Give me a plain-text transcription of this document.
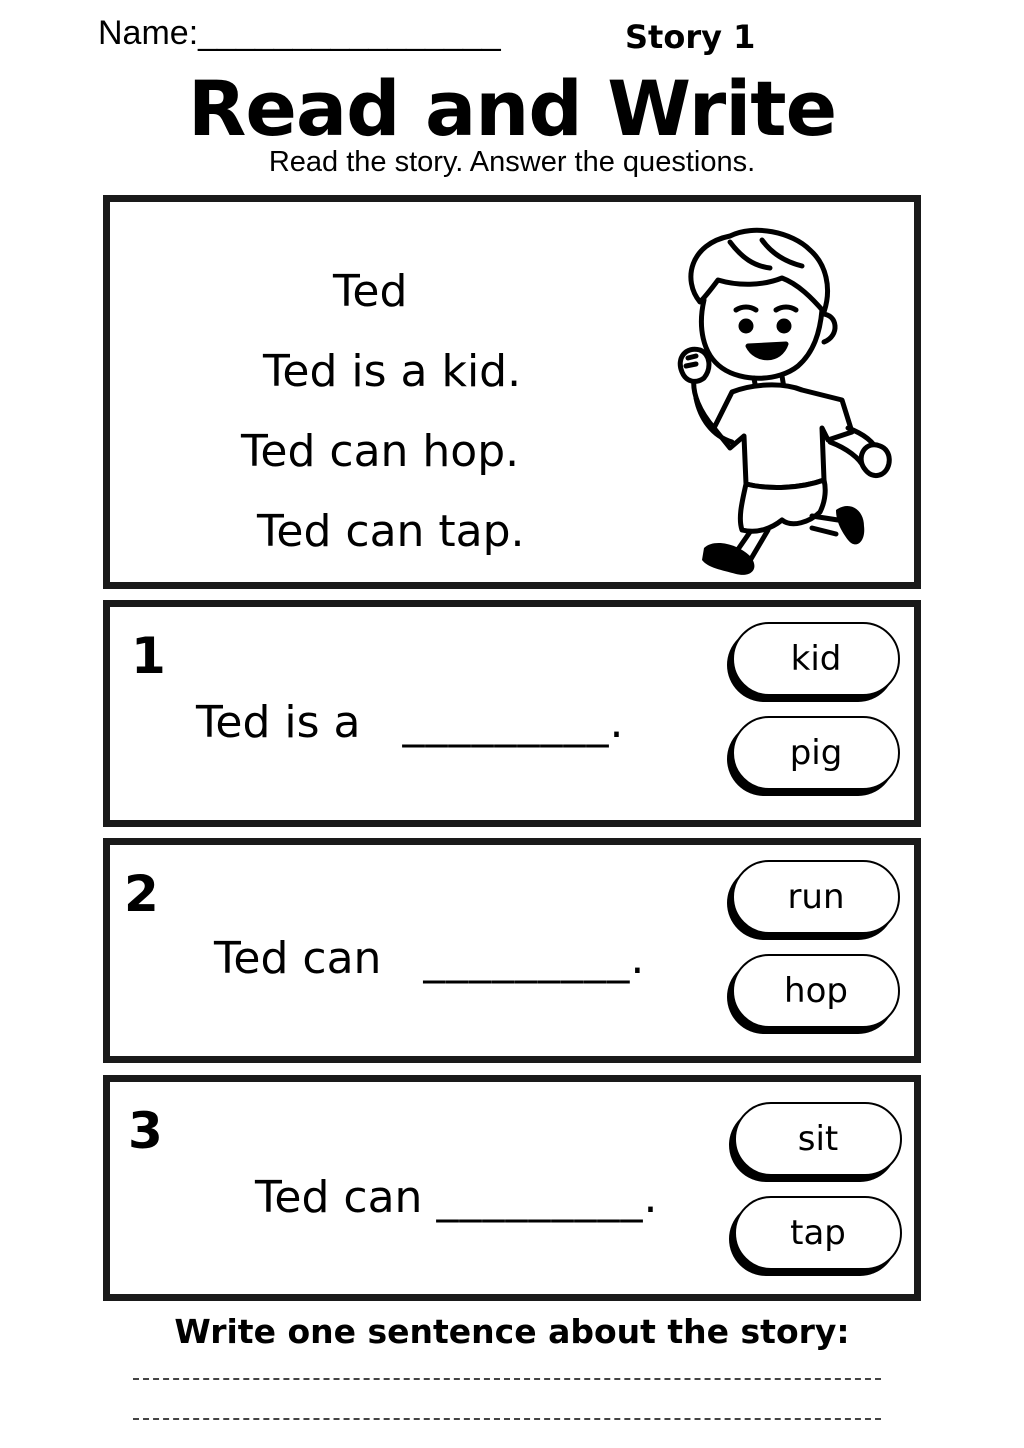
Name:________________	Story 1
Read and Write
Read the story. Answer the questions.
Ted
Ted is a kid.
Ted can hop.
Ted can tap.
1
Ted is a _________.
kid
pig
2
Ted can _________.
run
hop
3
Ted can _________.
sit
tap
Write one sentence about the story:
